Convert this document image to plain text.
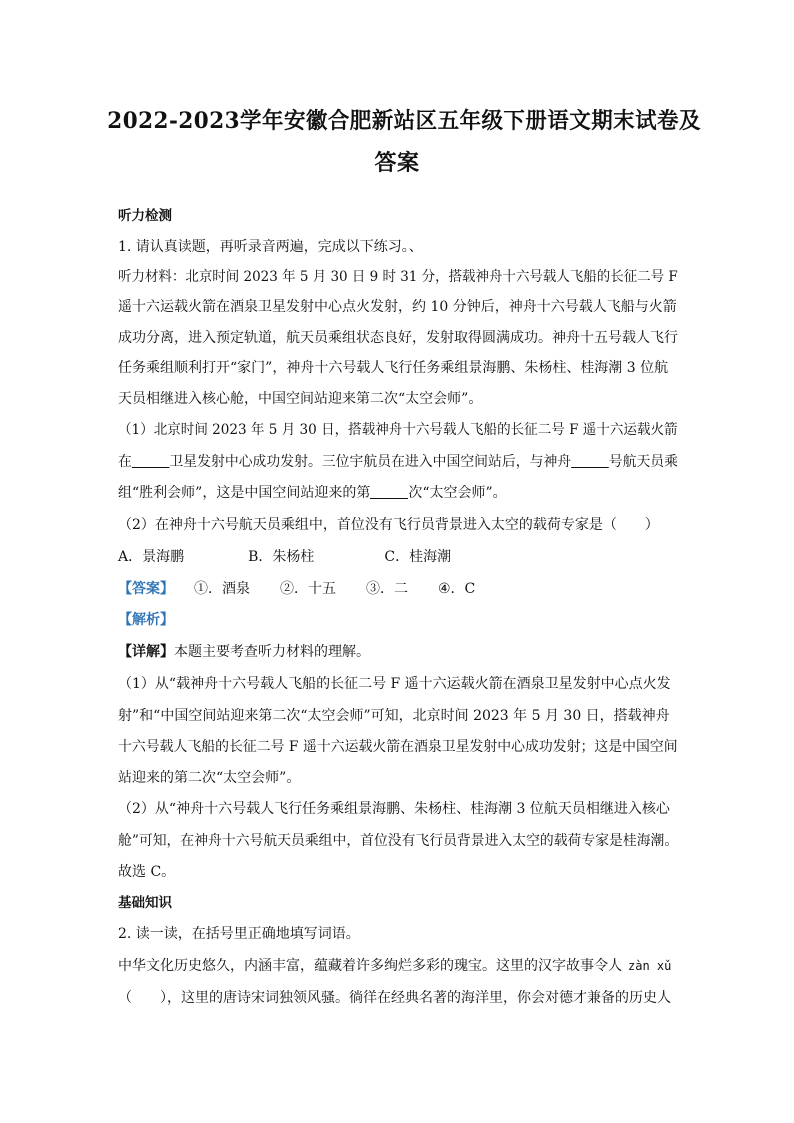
2022-2023学年安徽合肥新站区五年级下册语文期末试卷及
答案
听力检测
1. 请认真读题，再听录音两遍，完成以下练习。、
听力材料：北京时间 2023 年 5 月 30 日 9 时 31 分，搭载神舟十六号载人飞船的长征二号 F
遥十六运载火箭在酒泉卫星发射中心点火发射，约 10 分钟后，神舟十六号载人飞船与火箭
成功分离，进入预定轨道，航天员乘组状态良好，发射取得圆满成功。神舟十五号载人飞行
任务乘组顺利打开“家门”，神舟十六号载人飞行任务乘组景海鹏、朱杨柱、桂海潮 3 位航
天员相继进入核心舱，中国空间站迎来第二次“太空会师”。
（1）北京时间 2023 年 5 月 30 日，搭载神舟十六号载人飞船的长征二号 F 遥十六运载火箭
在	卫星发射中心成功发射。三位宇航员在进入中国空间站后，与神舟	号航天员乘
组“胜利会师”，这是中国空间站迎来的第	次“太空会师”。
（2）在神舟十六号航天员乘组中，首位没有飞行员背景进入太空的载荷专家是（　　）
A．景海鹏	B．朱杨柱	C．桂海潮
【答案】 ①．酒泉 ②．十五 ③．二 ④．C
【解析】
【详解】本题主要考查听力材料的理解。
（1）从“载神舟十六号载人飞船的长征二号 F 遥十六运载火箭在酒泉卫星发射中心点火发
射”和“中国空间站迎来第二次“太空会师”可知，北京时间 2023 年 5 月 30 日，搭载神舟
十六号载人飞船的长征二号 F 遥十六运载火箭在酒泉卫星发射中心成功发射；这是中国空间
站迎来的第二次“太空会师”。
（2）从“神舟十六号载人飞行任务乘组景海鹏、朱杨柱、桂海潮 3 位航天员相继进入核心
舱”可知，在神舟十六号航天员乘组中，首位没有飞行员背景进入太空的载荷专家是桂海潮。
故选 C。
基础知识
2. 读一读，在括号里正确地填写词语。
中华文化历史悠久，内涵丰富，蕴藏着许多绚烂多彩的瑰宝。这里的汉字故事令人 zàn xǔ
（　　），这里的唐诗宋词独领风骚。徜徉在经典名著的海洋里，你会对德才兼备的历史人
